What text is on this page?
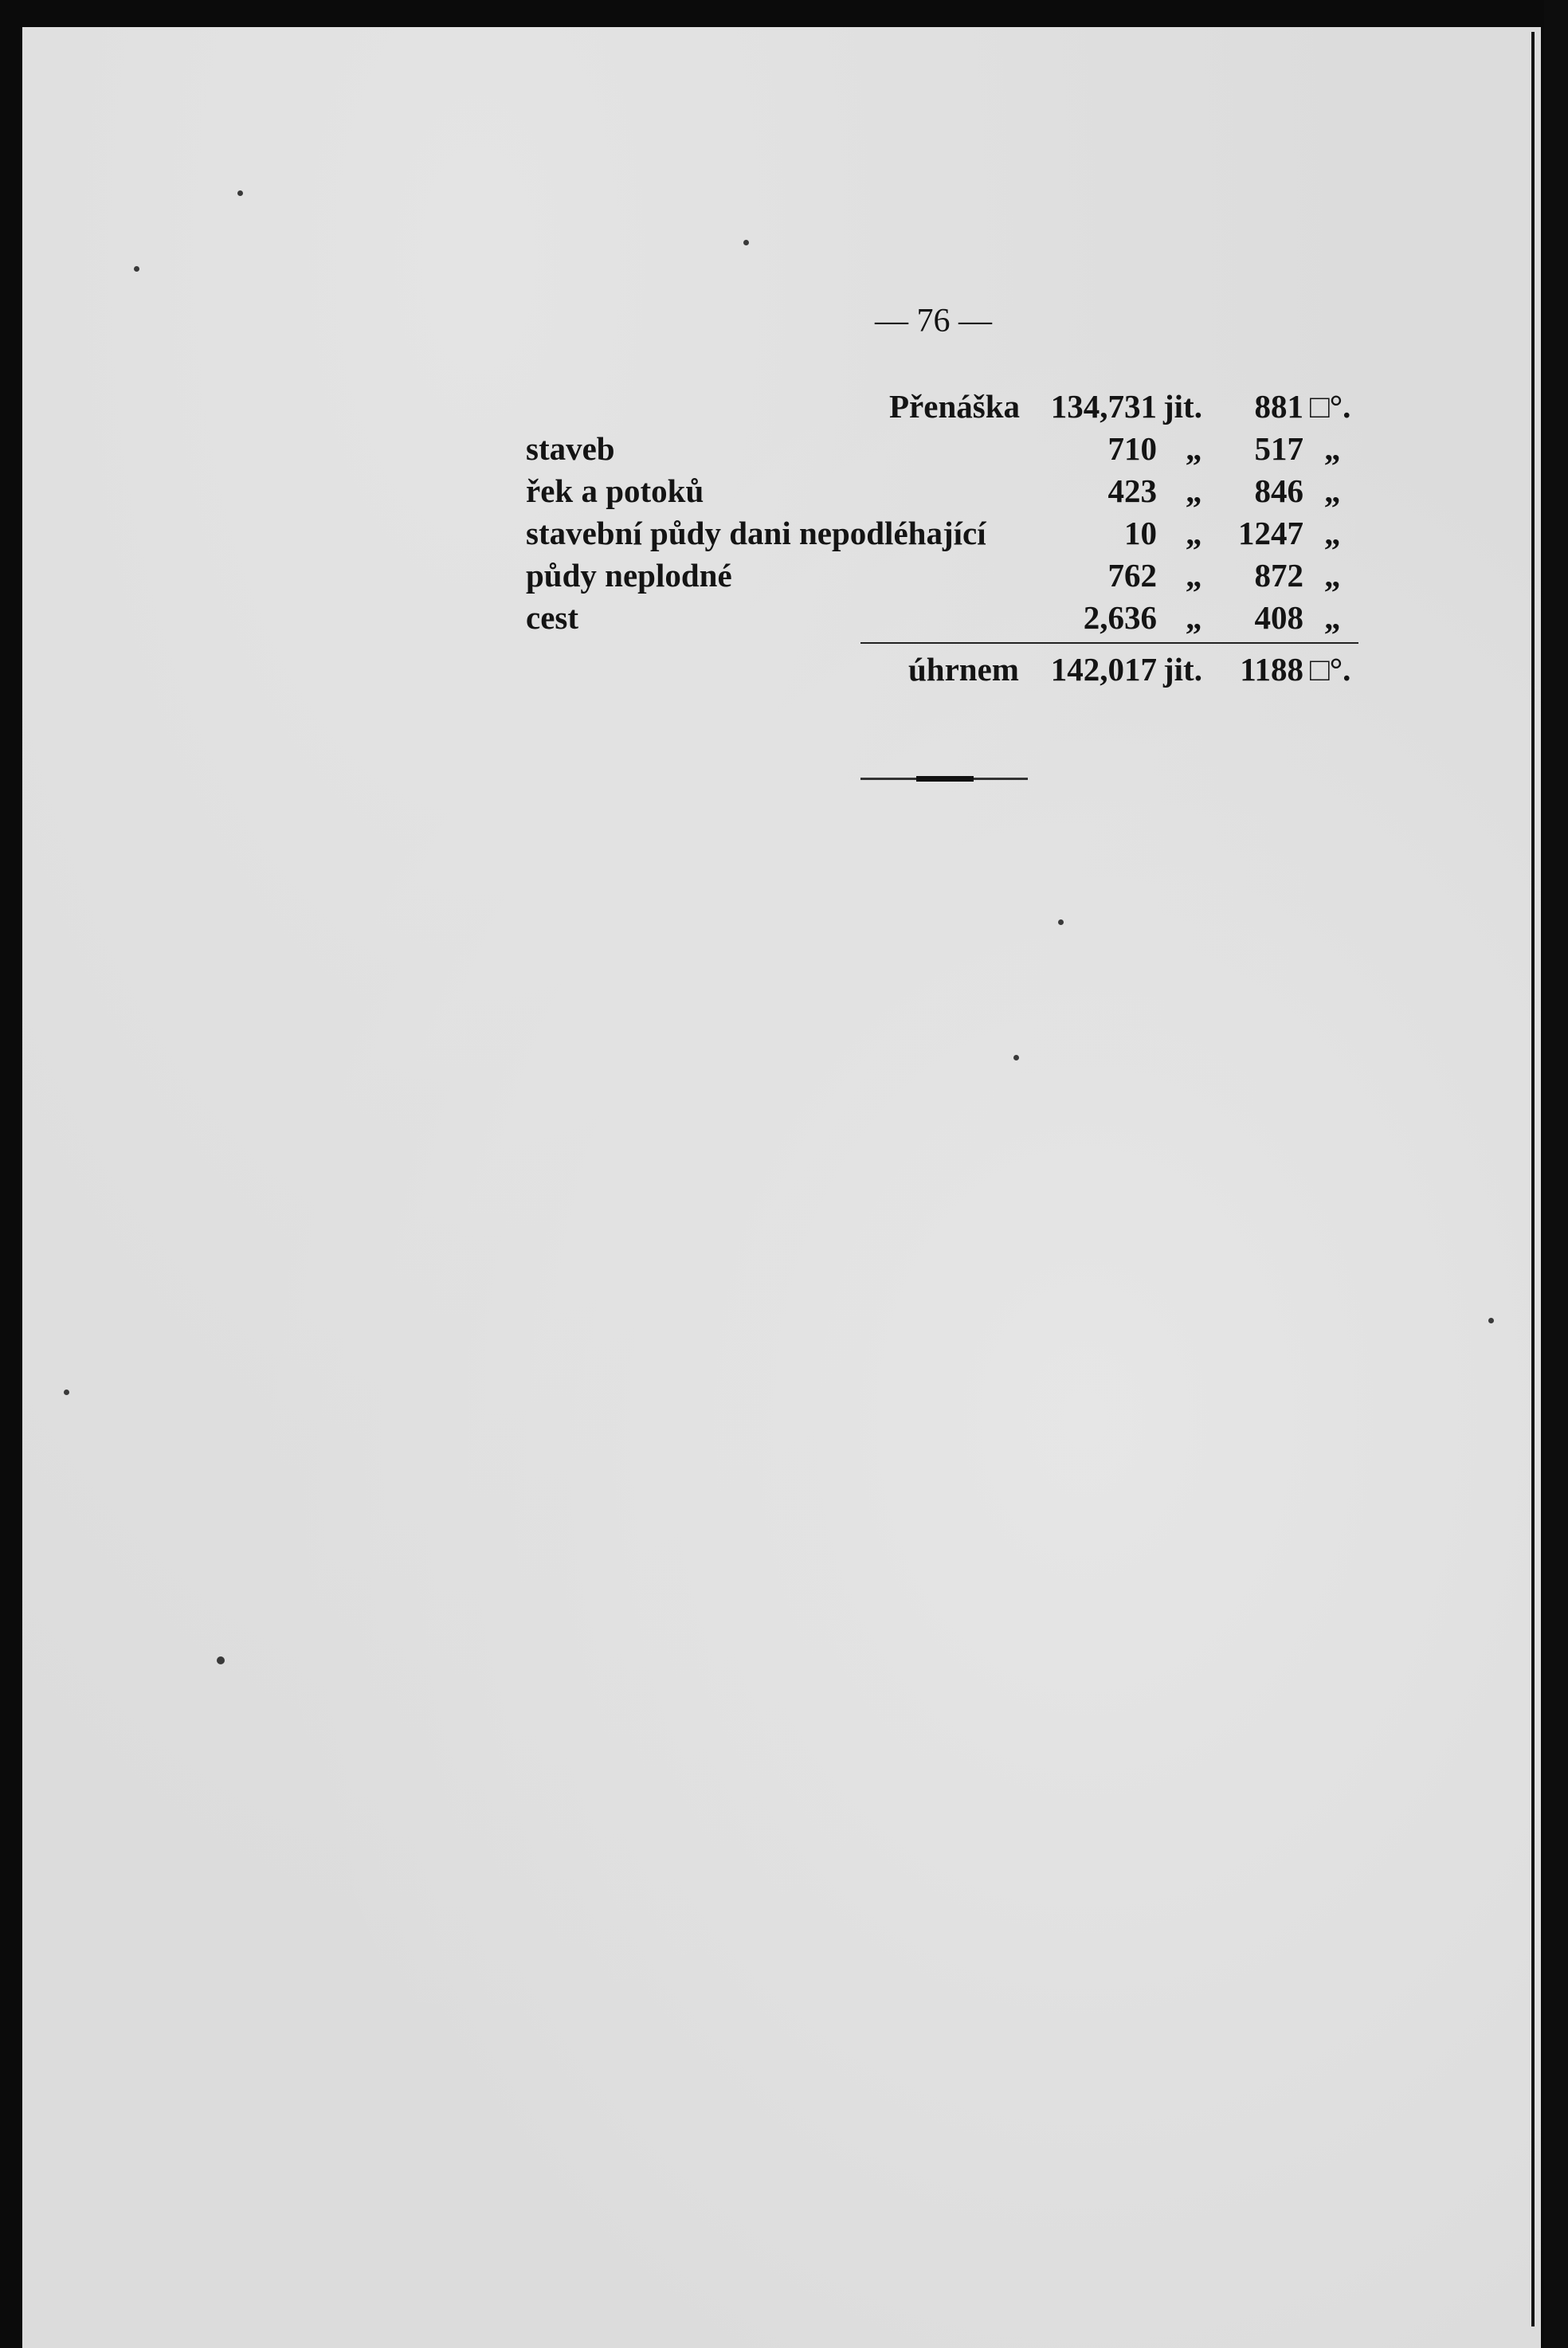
— 76 —
Přenáška 134,731 jit. 881 □°.
staveb	710 „ 517 „
řek a potoků	423 „ 846 „
stavební půdy dani nepodléhající	10 „ 1247 „
půdy neplodné	762 „ 872 „
cest	2,636 „ 408 „
úhrnem 142,017 jit. 1188 □°.
